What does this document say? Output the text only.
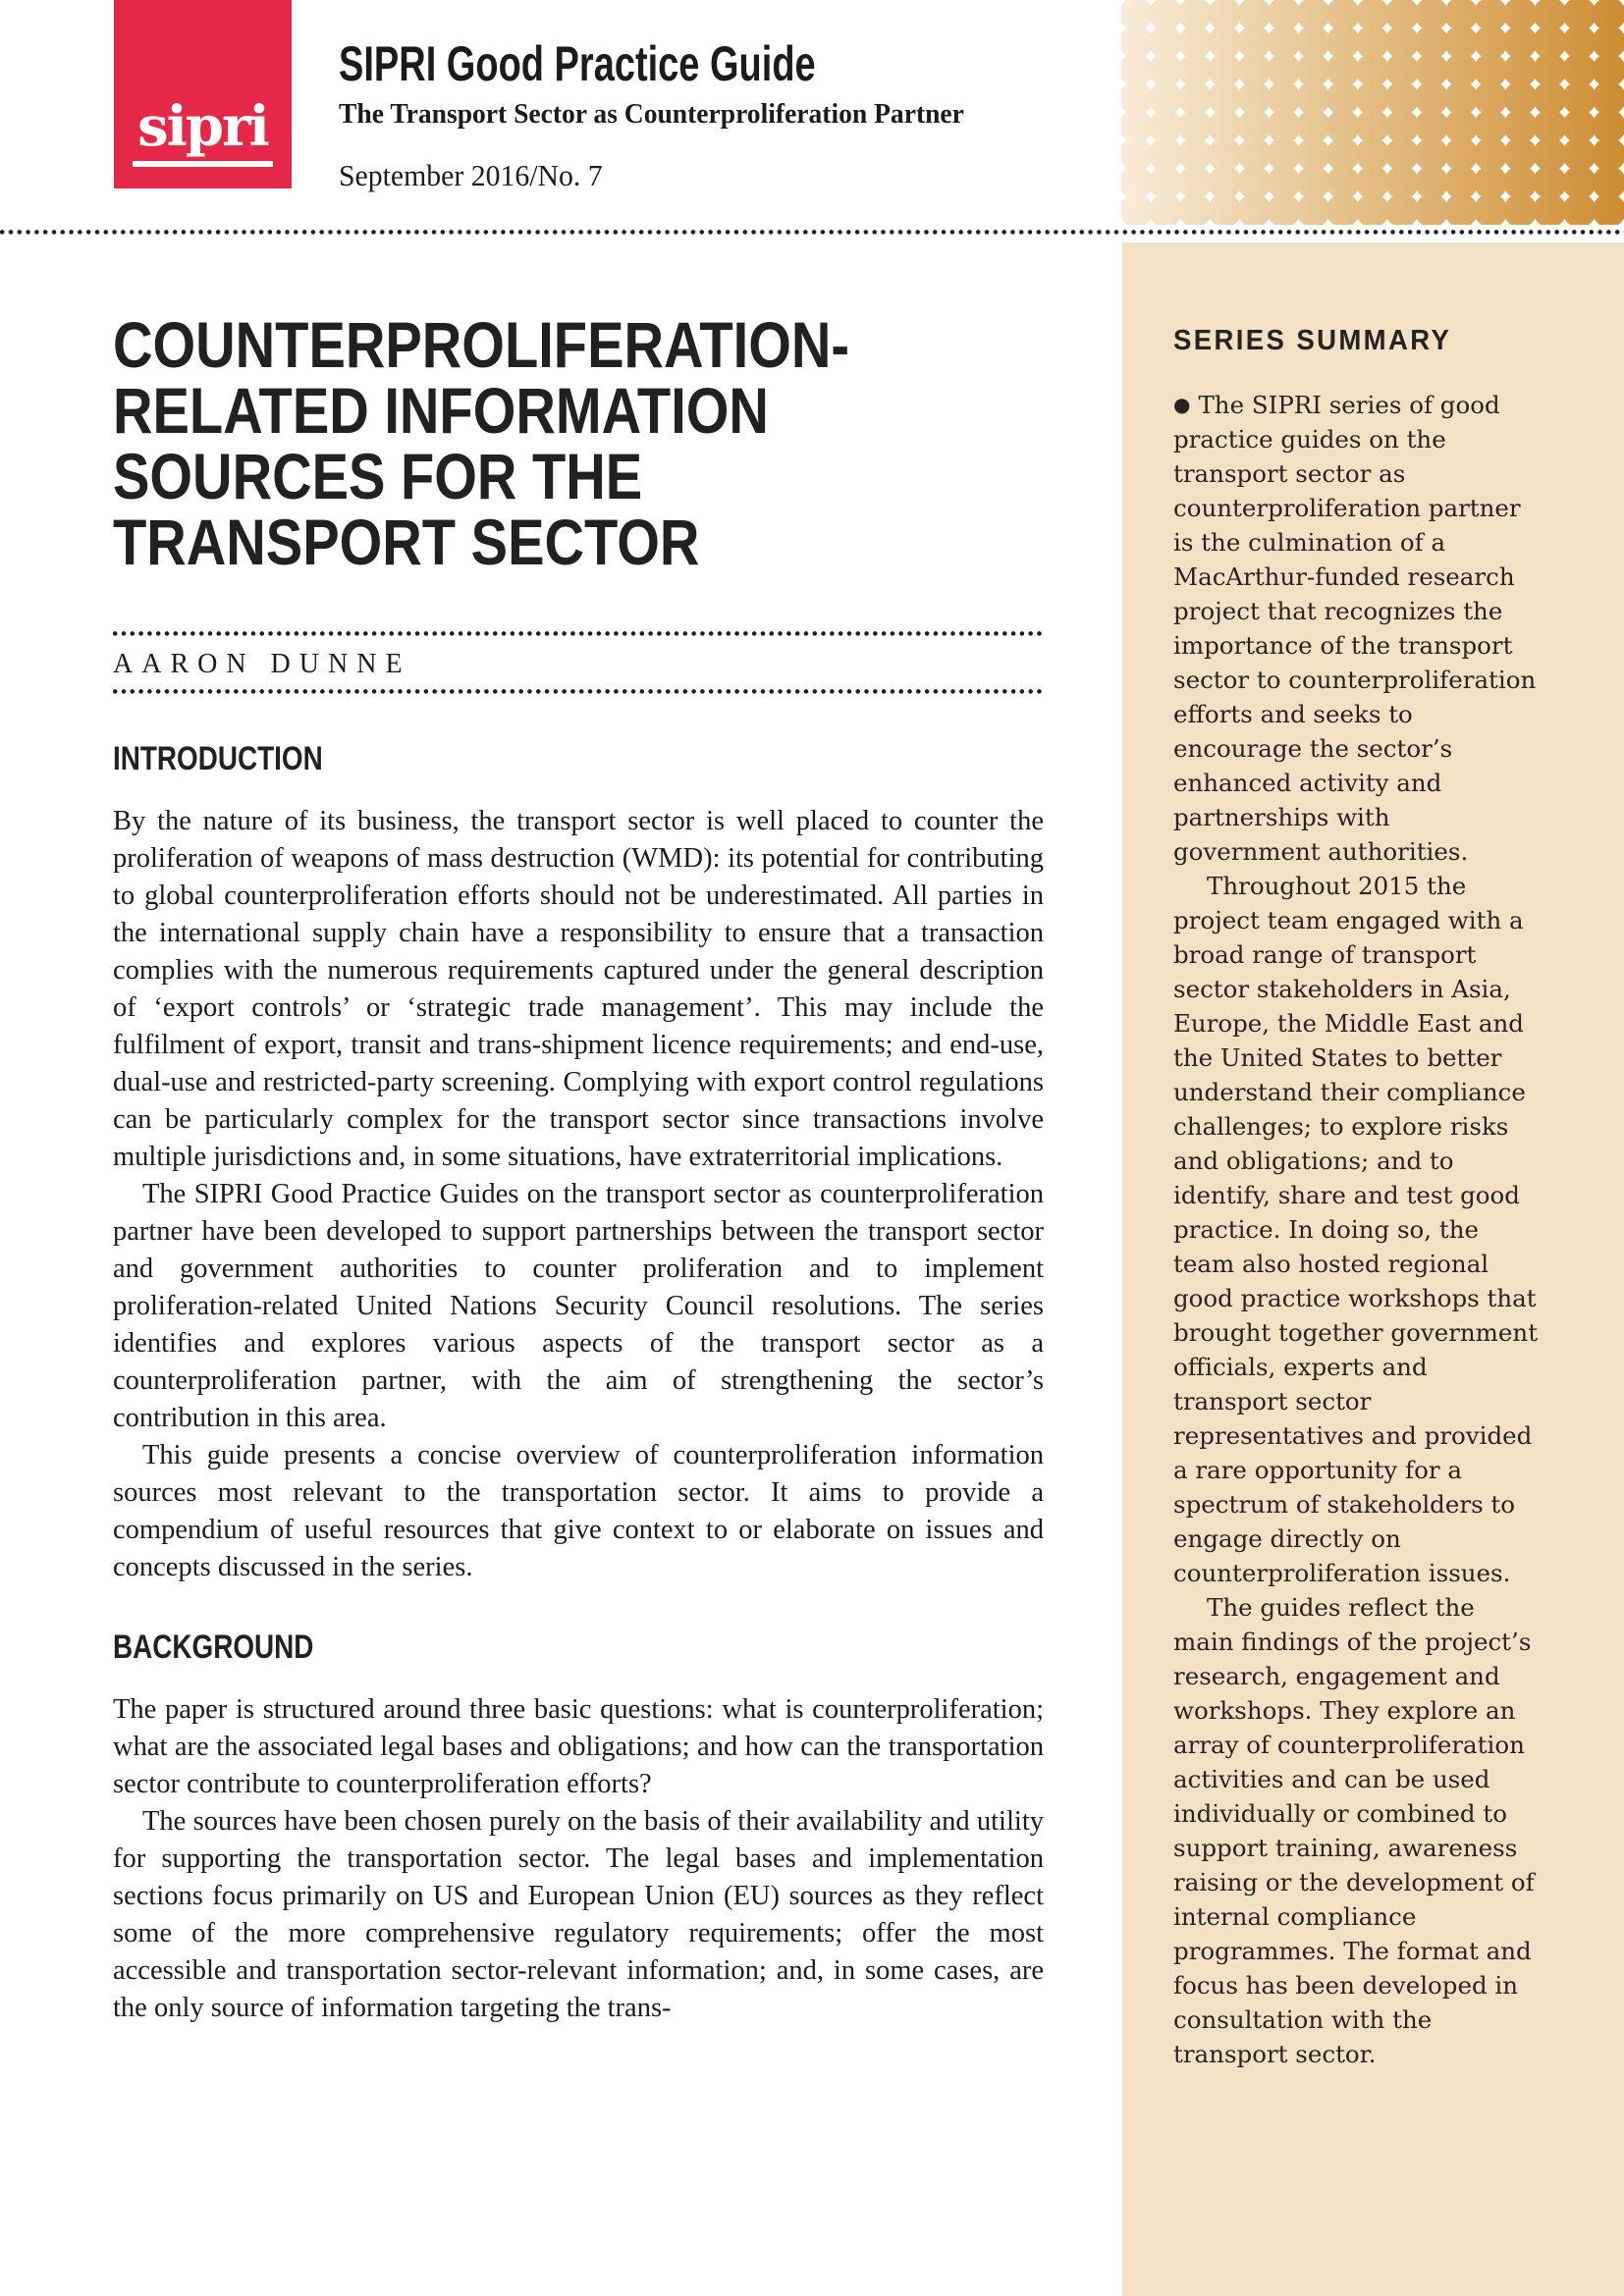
sipri
SIPRI Good Practice Guide
The Transport Sector as Counterproliferation Partner
September 2016/No. 7
COUNTERPROLIFERATION-
RELATED INFORMATION
SOURCES FOR THE
TRANSPORT SECTOR
AARON DUNNE
INTRODUCTION

By the nature of its business, the transport sector is well placed to counter the proliferation of weapons of mass destruction (WMD): its potential for contributing to global counterproliferation efforts should not be underestimated. All parties in the international supply chain have a responsibility to ensure that a transaction complies with the numerous requirements captured under the general description of ‘export controls’ or ‘strategic trade management’. This may include the fulfilment of export, transit and trans-shipment licence requirements; and end-use, dual-use and restricted-party screening. Complying with export control regulations can be particularly complex for the transport sector since transactions involve multiple jurisdictions and, in some situations, have extraterritorial implications.

The SIPRI Good Practice Guides on the transport sector as counterproliferation partner have been developed to support partnerships between the transport sector and government authorities to counter proliferation and to implement proliferation-related United Nations Security Council resolutions. The series identifies and explores various aspects of the transport sector as a counterproliferation partner, with the aim of strengthening the sector’s contribution in this area.

This guide presents a concise overview of counterproliferation information sources most relevant to the transportation sector. It aims to provide a compendium of useful resources that give context to or elaborate on issues and concepts discussed in the series.

BACKGROUND

The paper is structured around three basic questions: what is counterproliferation; what are the associated legal bases and obligations; and how can the transportation sector contribute to counterproliferation efforts?

The sources have been chosen purely on the basis of their availability and utility for supporting the transportation sector. The legal bases and implementation sections focus primarily on US and European Union (EU) sources as they reflect some of the more comprehensive regulatory requirements; offer the most accessible and transportation sector-relevant information; and, in some cases, are the only source of information targeting the trans-

SERIES SUMMARY

● The SIPRI series of good practice guides on the transport sector as counterproliferation partner is the culmination of a MacArthur-funded research project that recognizes the importance of the transport sector to counterproliferation efforts and seeks to encourage the sector’s enhanced activity and partnerships with government authorities.

Throughout 2015 the project team engaged with a broad range of transport sector stakeholders in Asia, Europe, the Middle East and the United States to better understand their compliance challenges; to explore risks and obligations; and to identify, share and test good practice. In doing so, the team also hosted regional good practice workshops that brought together government officials, experts and transport sector representatives and provided a rare opportunity for a spectrum of stakeholders to engage directly on counterproliferation issues.

The guides reflect the main findings of the project’s research, engagement and workshops. They explore an array of counterproliferation activities and can be used individually or combined to support training, awareness raising or the development of internal compliance programmes. The format and focus has been developed in consultation with the transport sector.
